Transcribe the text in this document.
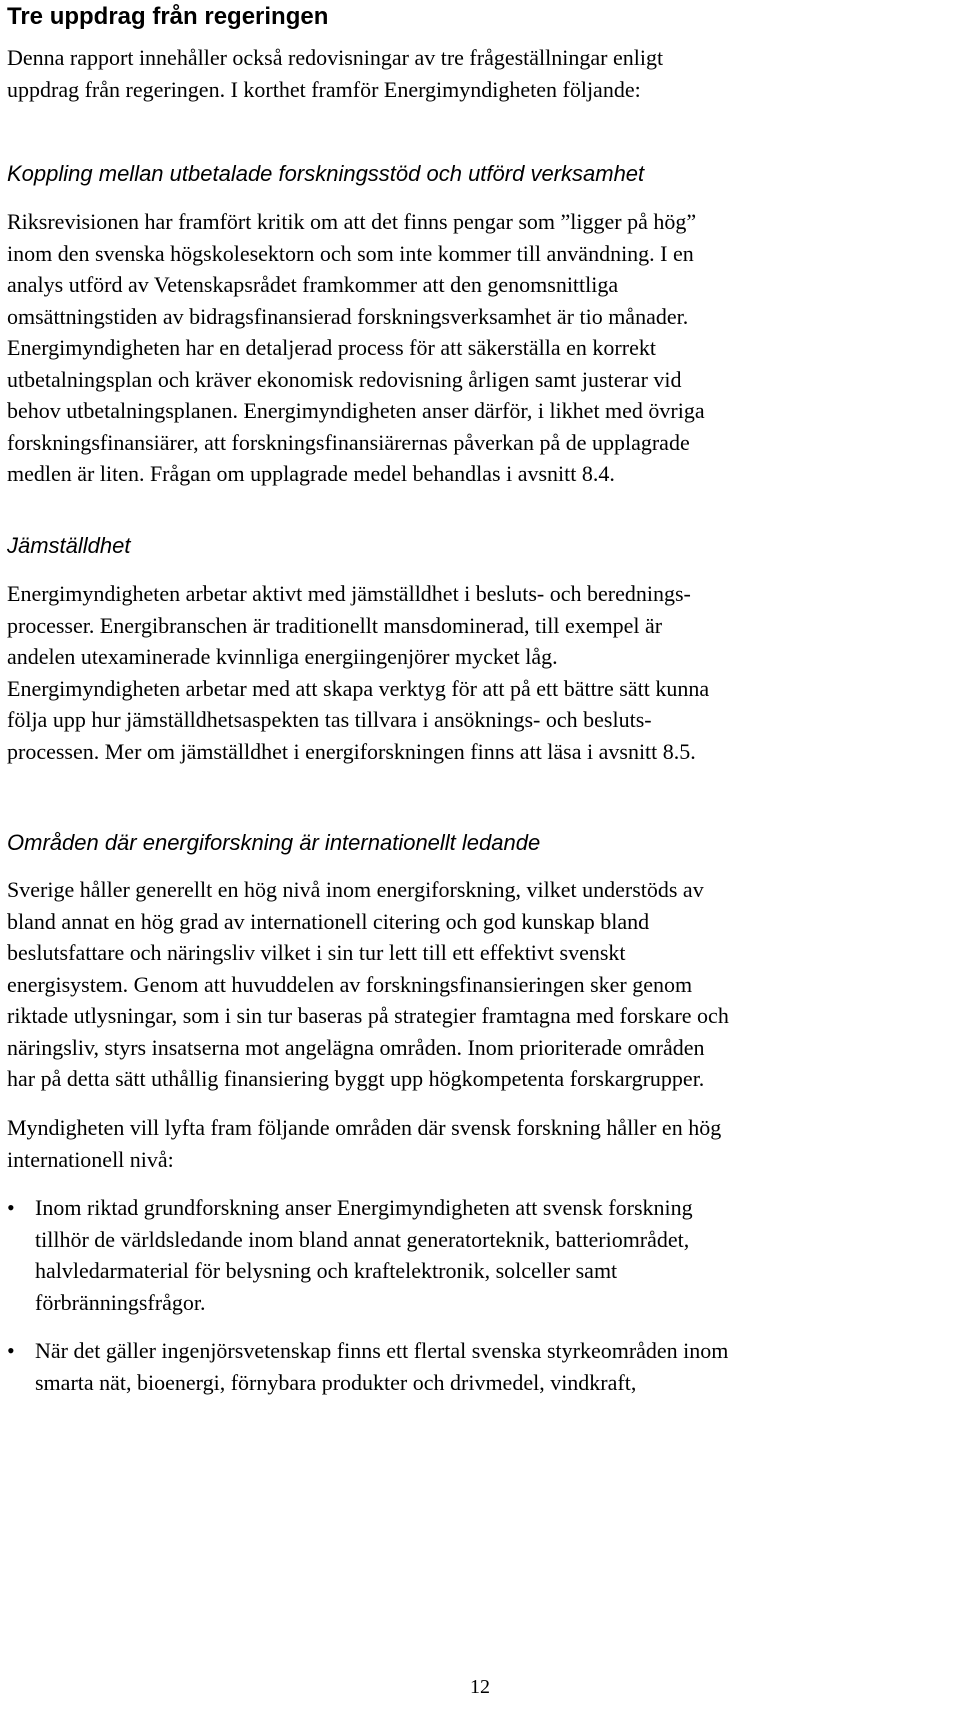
Tre uppdrag från regeringen
Denna rapport innehåller också redovisningar av tre frågeställningar enligt
uppdrag från regeringen. I korthet framför Energimyndigheten följande:
Koppling mellan utbetalade forskningsstöd och utförd verksamhet
Riksrevisionen har framfört kritik om att det finns pengar som ”ligger på hög”
inom den svenska högskolesektorn och som inte kommer till användning. I en
analys utförd av Vetenskapsrådet framkommer att den genomsnittliga
omsättningstiden av bidragsfinansierad forskningsverksamhet är tio månader.
Energimyndigheten har en detaljerad process för att säkerställa en korrekt
utbetalningsplan och kräver ekonomisk redovisning årligen samt justerar vid
behov utbetalningsplanen. Energimyndigheten anser därför, i likhet med övriga
forskningsfinansiärer, att forskningsfinansiärernas påverkan på de upplagrade
medlen är liten. Frågan om upplagrade medel behandlas i avsnitt 8.4.
Jämställdhet
Energimyndigheten arbetar aktivt med jämställdhet i besluts- och berednings-
processer. Energibranschen är traditionellt mansdominerad, till exempel är
andelen utexaminerade kvinnliga energiingenjörer mycket låg.
Energimyndigheten arbetar med att skapa verktyg för att på ett bättre sätt kunna
följa upp hur jämställdhetsaspekten tas tillvara i ansöknings- och besluts-
processen. Mer om jämställdhet i energiforskningen finns att läsa i avsnitt 8.5.
Områden där energiforskning är internationellt ledande
Sverige håller generellt en hög nivå inom energiforskning, vilket understöds av
bland annat en hög grad av internationell citering och god kunskap bland
beslutsfattare och näringsliv vilket i sin tur lett till ett effektivt svenskt
energisystem. Genom att huvuddelen av forskningsfinansieringen sker genom
riktade utlysningar, som i sin tur baseras på strategier framtagna med forskare och
näringsliv, styrs insatserna mot angelägna områden. Inom prioriterade områden
har på detta sätt uthållig finansiering byggt upp högkompetenta forskargrupper.
Myndigheten vill lyfta fram följande områden där svensk forskning håller en hög
internationell nivå:
• Inom riktad grundforskning anser Energimyndigheten att svensk forskning
tillhör de världsledande inom bland annat generatorteknik, batteriområdet,
halvledarmaterial för belysning och kraftelektronik, solceller samt
förbränningsfrågor.
• När det gäller ingenjörsvetenskap finns ett flertal svenska styrkeområden inom
smarta nät, bioenergi, förnybara produkter och drivmedel, vindkraft,
12
